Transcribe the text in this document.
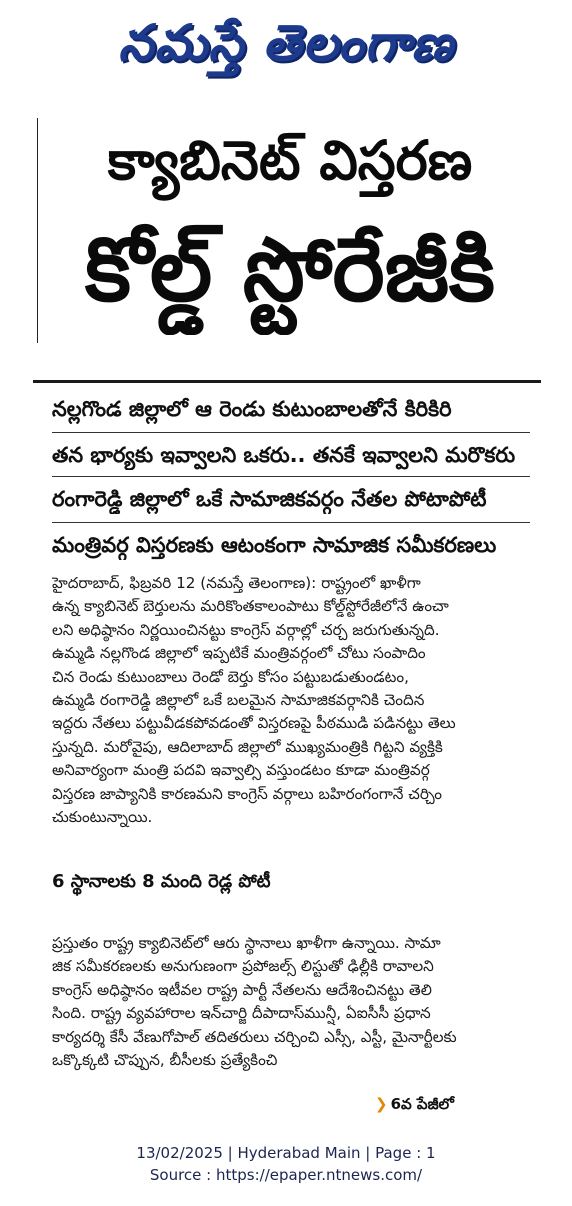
నమస్తే తెలంగాణ
క్యాబినెట్ విస్తరణ
కోల్డ్ స్టోరేజీకి
నల్లగొండ జిల్లాలో ఆ రెండు కుటుంబాలతోనే కిరికిరి
తన భార్యకు ఇవ్వాలని ఒకరు.. తనకే ఇవ్వాలని మరొకరు
రంగారెడ్డి జిల్లాలో ఒకే సామాజికవర్గం నేతల పోటాపోటీ
మంత్రివర్గ విస్తరణకు ఆటంకంగా సామాజిక సమీకరణలు
హైదరాబాద్, ఫిబ్రవరి 12 (నమస్తే తెలంగాణ): రాష్ట్రంలో ఖాళీగా
ఉన్న క్యాబినెట్ బెర్తులను మరికొంతకాలంపాటు కోల్డ్‌స్టోరేజీలోనే ఉంచా
లని అధిష్ఠానం నిర్ణయించినట్టు కాంగ్రెస్ వర్గాల్లో చర్చ జరుగుతున్నది.
ఉమ్మడి నల్లగొండ జిల్లాలో ఇప్పటికే మంత్రివర్గంలో చోటు సంపాదిం
చిన రెండు కుటుంబాలు రెండో బెర్తు కోసం పట్టుబడుతుండటం,
ఉమ్మడి రంగారెడ్డి జిల్లాలో ఒకే బలమైన సామాజికవర్గానికి చెందిన
ఇద్దరు నేతలు పట్టువీడకపోవడంతో విస్తరణపై పీఠముడి పడినట్టు తెలు
స్తున్నది. మరోవైపు, ఆదిలాబాద్ జిల్లాలో ముఖ్యమంత్రికి గిట్టని వ్యక్తికి
అనివార్యంగా మంత్రి పదవి ఇవ్వాల్సి వస్తుండటం కూడా మంత్రివర్గ
విస్తరణ జాప్యానికి కారణమని కాంగ్రెస్ వర్గాలు బహిరంగంగానే చర్చిం
చుకుంటున్నాయి.
6 స్థానాలకు 8 మంది రెడ్ల పోటీ
ప్రస్తుతం రాష్ట్ర క్యాబినెట్‌లో ఆరు స్థానాలు ఖాళీగా ఉన్నాయి. సామా
జిక సమీకరణలకు అనుగుణంగా ప్రపోజల్స్ లిస్టుతో ఢిల్లీకి రావాలని
కాంగ్రెస్ అధిష్ఠానం ఇటీవల రాష్ట్ర పార్టీ నేతలను ఆదేశించినట్టు తెలి
సింది. రాష్ట్ర వ్యవహారాల ఇన్‌చార్జి దీపాదాస్‌మున్షీ, ఏఐసీసీ ప్రధాన
కార్యదర్శి కేసీ వేణుగోపాల్ తదితరులు చర్చించి ఎస్సీ, ఎస్టీ, మైనార్టీలకు
ఒక్కొక్కటి చొప్పున, బీసీలకు ప్రత్యేకించి
❯ 6వ పేజీలో
13/02/2025 | Hyderabad Main | Page : 1
Source : https://epaper.ntnews.com/
